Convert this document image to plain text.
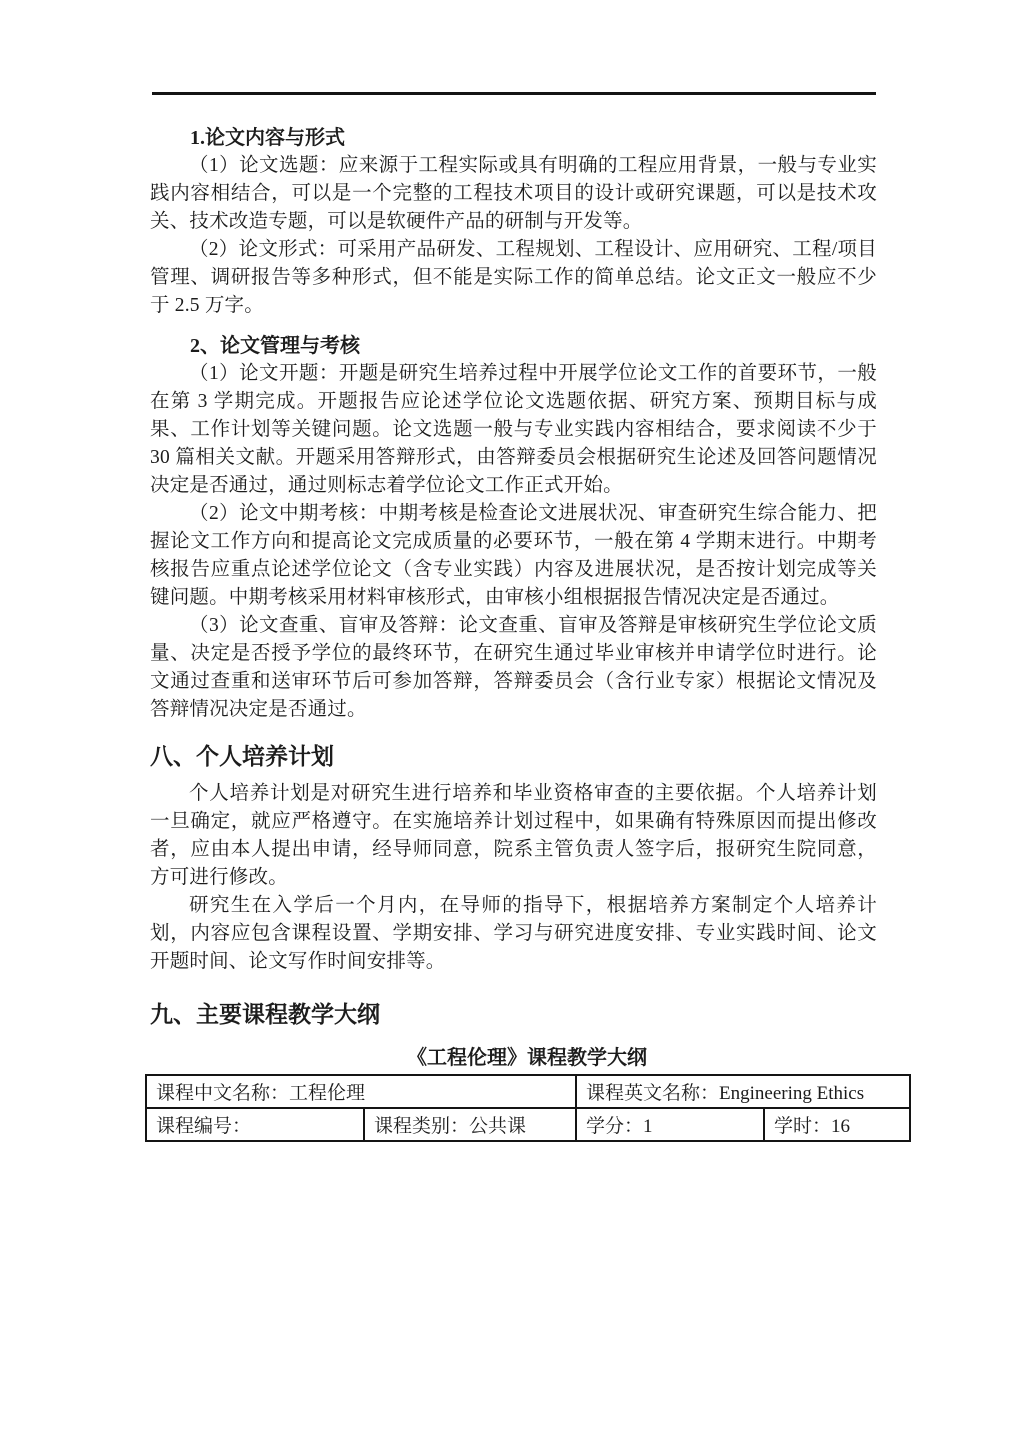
1.论文内容与形式

（1）论文选题：应来源于工程实际或具有明确的工程应用背景，一般与专业实践内容相结合，可以是一个完整的工程技术项目的设计或研究课题，可以是技术攻关、技术改造专题，可以是软硬件产品的研制与开发等。

（2）论文形式：可采用产品研发、工程规划、工程设计、应用研究、工程/项目管理、调研报告等多种形式，但不能是实际工作的简单总结。论文正文一般应不少于 2.5 万字。

2、论文管理与考核

（1）论文开题：开题是研究生培养过程中开展学位论文工作的首要环节，一般在第 3 学期完成。开题报告应论述学位论文选题依据、研究方案、预期目标与成果、工作计划等关键问题。论文选题一般与专业实践内容相结合，要求阅读不少于 30 篇相关文献。开题采用答辩形式，由答辩委员会根据研究生论述及回答问题情况决定是否通过，通过则标志着学位论文工作正式开始。

（2）论文中期考核：中期考核是检查论文进展状况、审查研究生综合能力、把握论文工作方向和提高论文完成质量的必要环节，一般在第 4 学期末进行。中期考核报告应重点论述学位论文（含专业实践）内容及进展状况，是否按计划完成等关键问题。中期考核采用材料审核形式，由审核小组根据报告情况决定是否通过。

（3）论文查重、盲审及答辩：论文查重、盲审及答辩是审核研究生学位论文质量、决定是否授予学位的最终环节，在研究生通过毕业审核并申请学位时进行。论文通过查重和送审环节后可参加答辩，答辩委员会（含行业专家）根据论文情况及答辩情况决定是否通过。

八、个人培养计划

个人培养计划是对研究生进行培养和毕业资格审查的主要依据。个人培养计划一旦确定，就应严格遵守。在实施培养计划过程中，如果确有特殊原因而提出修改者，应由本人提出申请，经导师同意，院系主管负责人签字后，报研究生院同意，方可进行修改。

研究生在入学后一个月内，在导师的指导下，根据培养方案制定个人培养计划，内容应包含课程设置、学期安排、学习与研究进度安排、专业实践时间、论文开题时间、论文写作时间安排等。

九、主要课程教学大纲
《工程伦理》课程教学大纲
课程中文名称：工程伦理		课程英文名称：Engineering Ethics	
课程编号：	课程类别：公共课	学分：1	学时：16
